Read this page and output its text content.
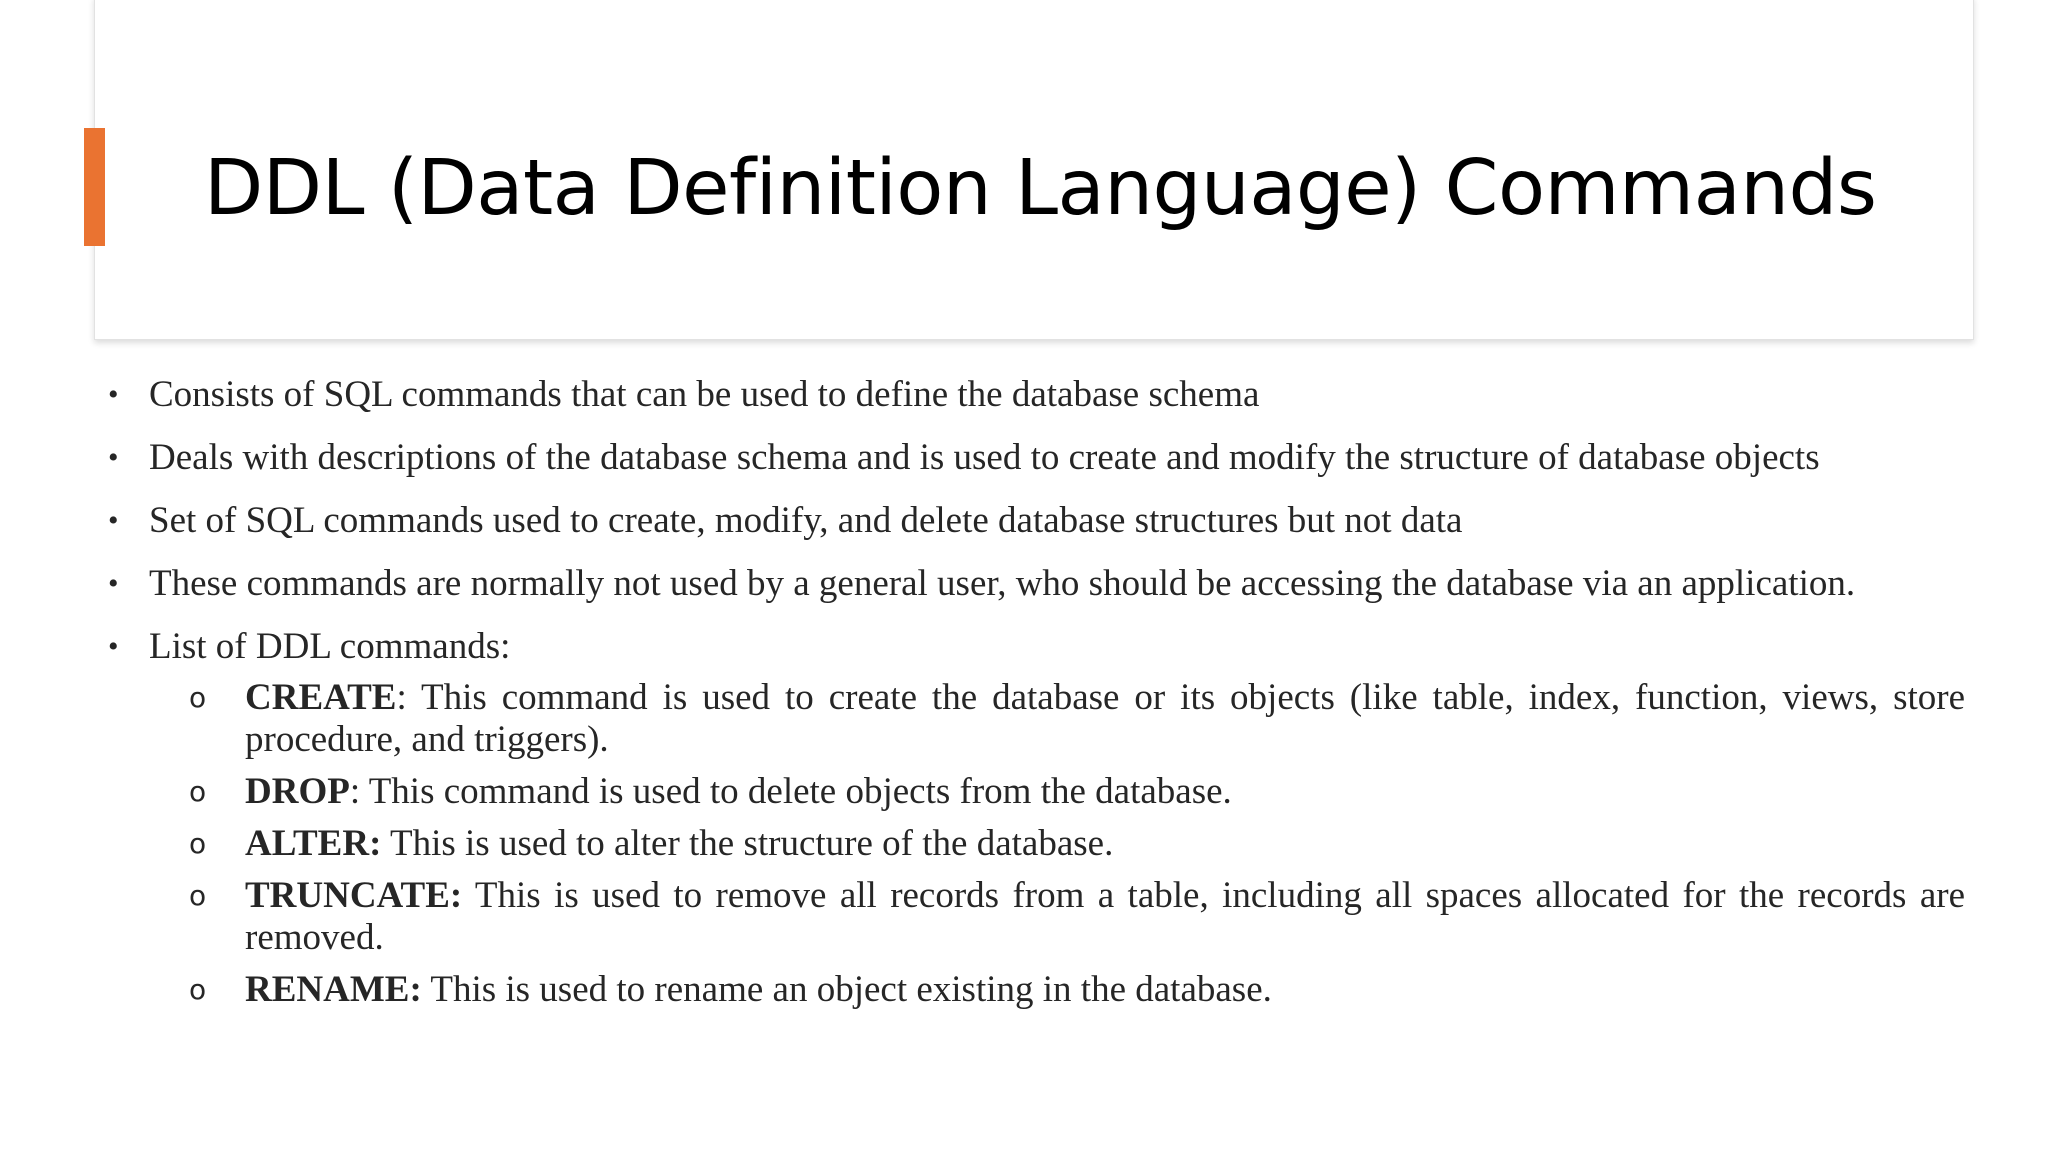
DDL (Data Definition Language) Commands
• Consists of SQL commands that can be used to define the database schema
• Deals with descriptions of the database schema and is used to create and modify the structure of database objects
• Set of SQL commands used to create, modify, and delete database structures but not data
• These commands are normally not used by a general user, who should be accessing the database via an application.
• List of DDL commands:
o	CREATE: This command is used to create the database or its objects (like table, index, function, views, store procedure, and triggers).
o	DROP: This command is used to delete objects from the database.
o	ALTER: This is used to alter the structure of the database.
o	TRUNCATE: This is used to remove all records from a table, including all spaces allocated for the records are removed.
o	RENAME: This is used to rename an object existing in the database.
